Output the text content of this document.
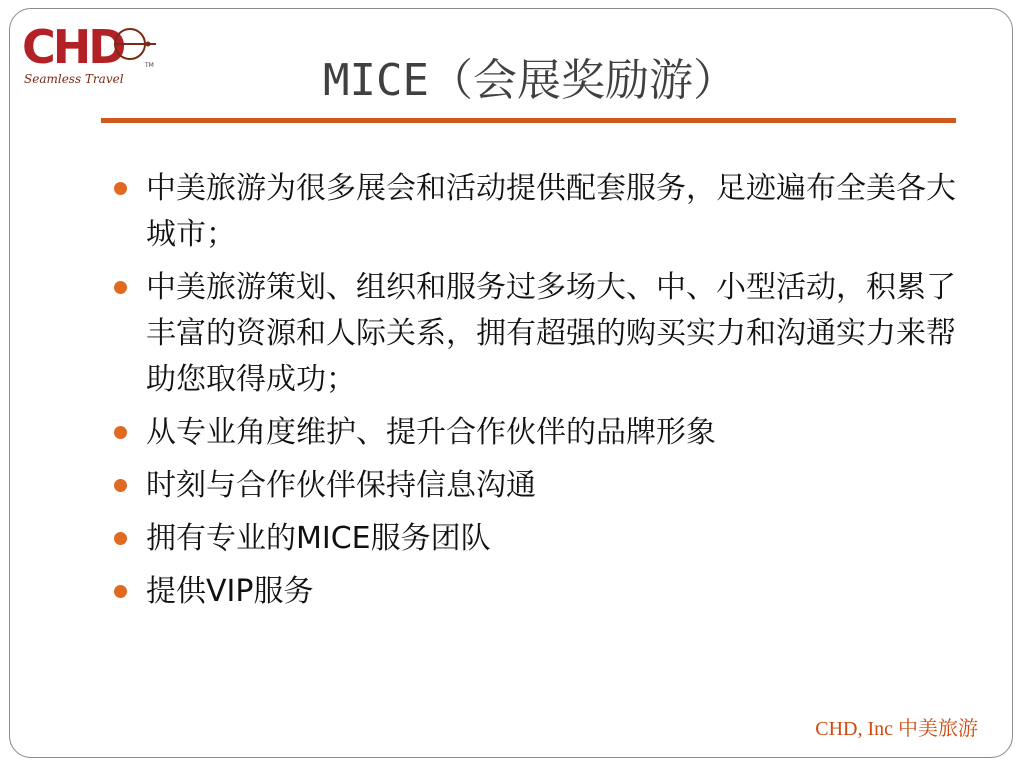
CHD	TM
Seamless Travel	MICE（会展奖励游）
中美旅游为很多展会和活动提供配套服务，足迹遍布全美各大城市；
中美旅游策划、组织和服务过多场大、中、小型活动，积累了丰富的资源和人际关系，拥有超强的购买实力和沟通实力来帮助您取得成功；
从专业角度维护、提升合作伙伴的品牌形象
时刻与合作伙伴保持信息沟通
拥有专业的MICE服务团队
提供VIP服务
CHD, Inc 中美旅游
